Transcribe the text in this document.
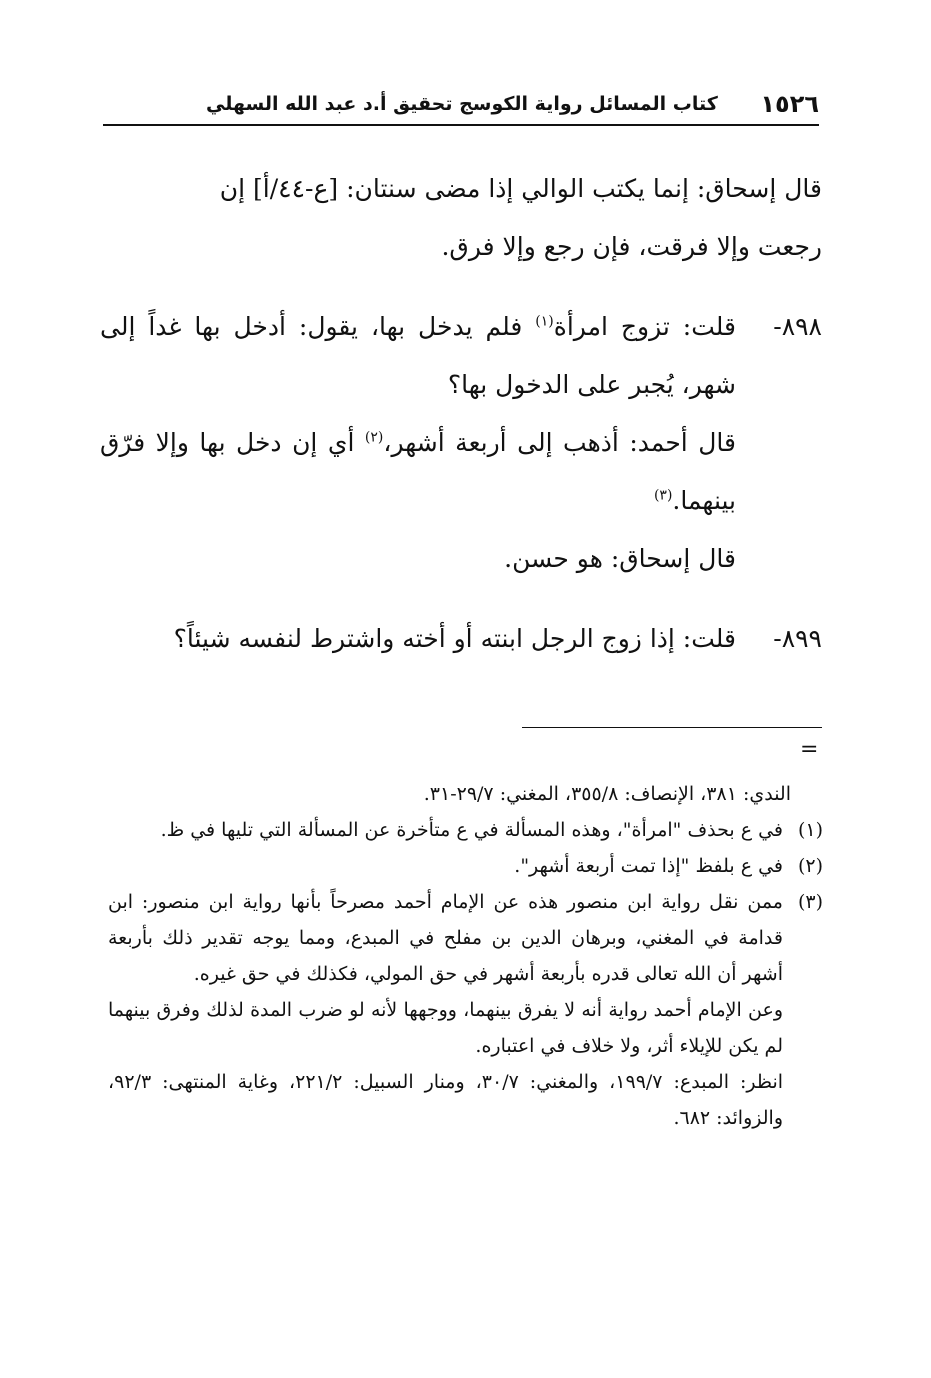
١٥٢٦
كتاب المسائل رواية الكوسج تحقيق أ.د عبد الله السهلي
قال إسحاق: إنما يكتب الوالي إذا مضى سنتان: [ع-٤٤/أ] إن
رجعت وإلا فرقت، فإن رجع وإلا فرق.
٨٩٨-
قلت: تزوج امرأة$^{(١)}$ فلم يدخل بها، يقول: أدخل بها غداً إلى شهر، يُجبر على الدخول بها؟
قال أحمد: أذهب إلى أربعة أشهر،$^{(٢)}$ أي إن دخل بها وإلا فرّق بينهما.$^{(٣)}$
قال إسحاق: هو حسن.
٨٩٩-
قلت: إذا زوج الرجل ابنته أو أخته واشترط لنفسه شيئاً؟
=
الندي: ٣٨١، الإنصاف: ٣٥٥/٨، المغني: ٢٩/٧-٣١.
(١)
في ع بحذف "امرأة"، وهذه المسألة في ع متأخرة عن المسألة التي تليها في ظ.
(٢)
في ع بلفظ "إذا تمت أربعة أشهر".
(٣)
ممن نقل رواية ابن منصور هذه عن الإمام أحمد مصرحاً بأنها رواية ابن منصور: ابن قدامة في المغني، وبرهان الدين بن مفلح في المبدع، ومما يوجه تقدير ذلك بأربعة أشهر أن الله تعالى قدره بأربعة أشهر في حق المولي، فكذلك في حق غيره.
وعن الإمام أحمد رواية أنه لا يفرق بينهما، ووجهها لأنه لو ضرب المدة لذلك وفرق بينهما لم يكن للإيلاء أثر، ولا خلاف في اعتباره.
انظر: المبدع: ١٩٩/٧، والمغني: ٣٠/٧، ومنار السبيل: ٢٢١/٢، وغاية المنتهى: ٩٢/٣، والزوائد: ٦٨٢.
